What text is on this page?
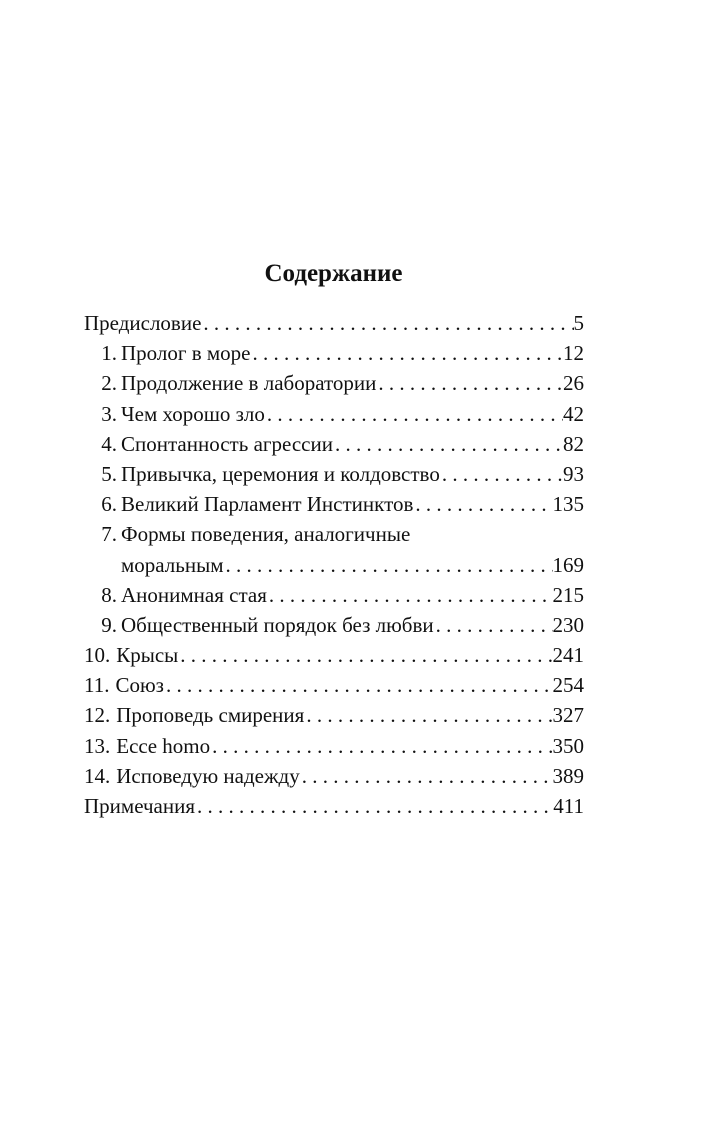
Содержание
Предисловие . . .	5
1. Пролог в море . . .	12
2. Продолжение в лаборатории . . .	26
3. Чем хорошо зло . . .	42
4. Спонтанность агрессии . . .	82
5. Привычка, церемония и колдовство . . .	93
6. Великий Парламент Инстинктов . . .	135
7. Формы поведения, аналогичные
моральным . . .	169
8. Анонимная стая . . .	215
9. Общественный порядок без любви . . .	230
10. Крысы . . .	241
11. Союз . . .	254
12. Проповедь смирения . . .	327
13. Ecce homo . . .	350
14. Исповедую надежду . . .	389
Примечания . . .	411
